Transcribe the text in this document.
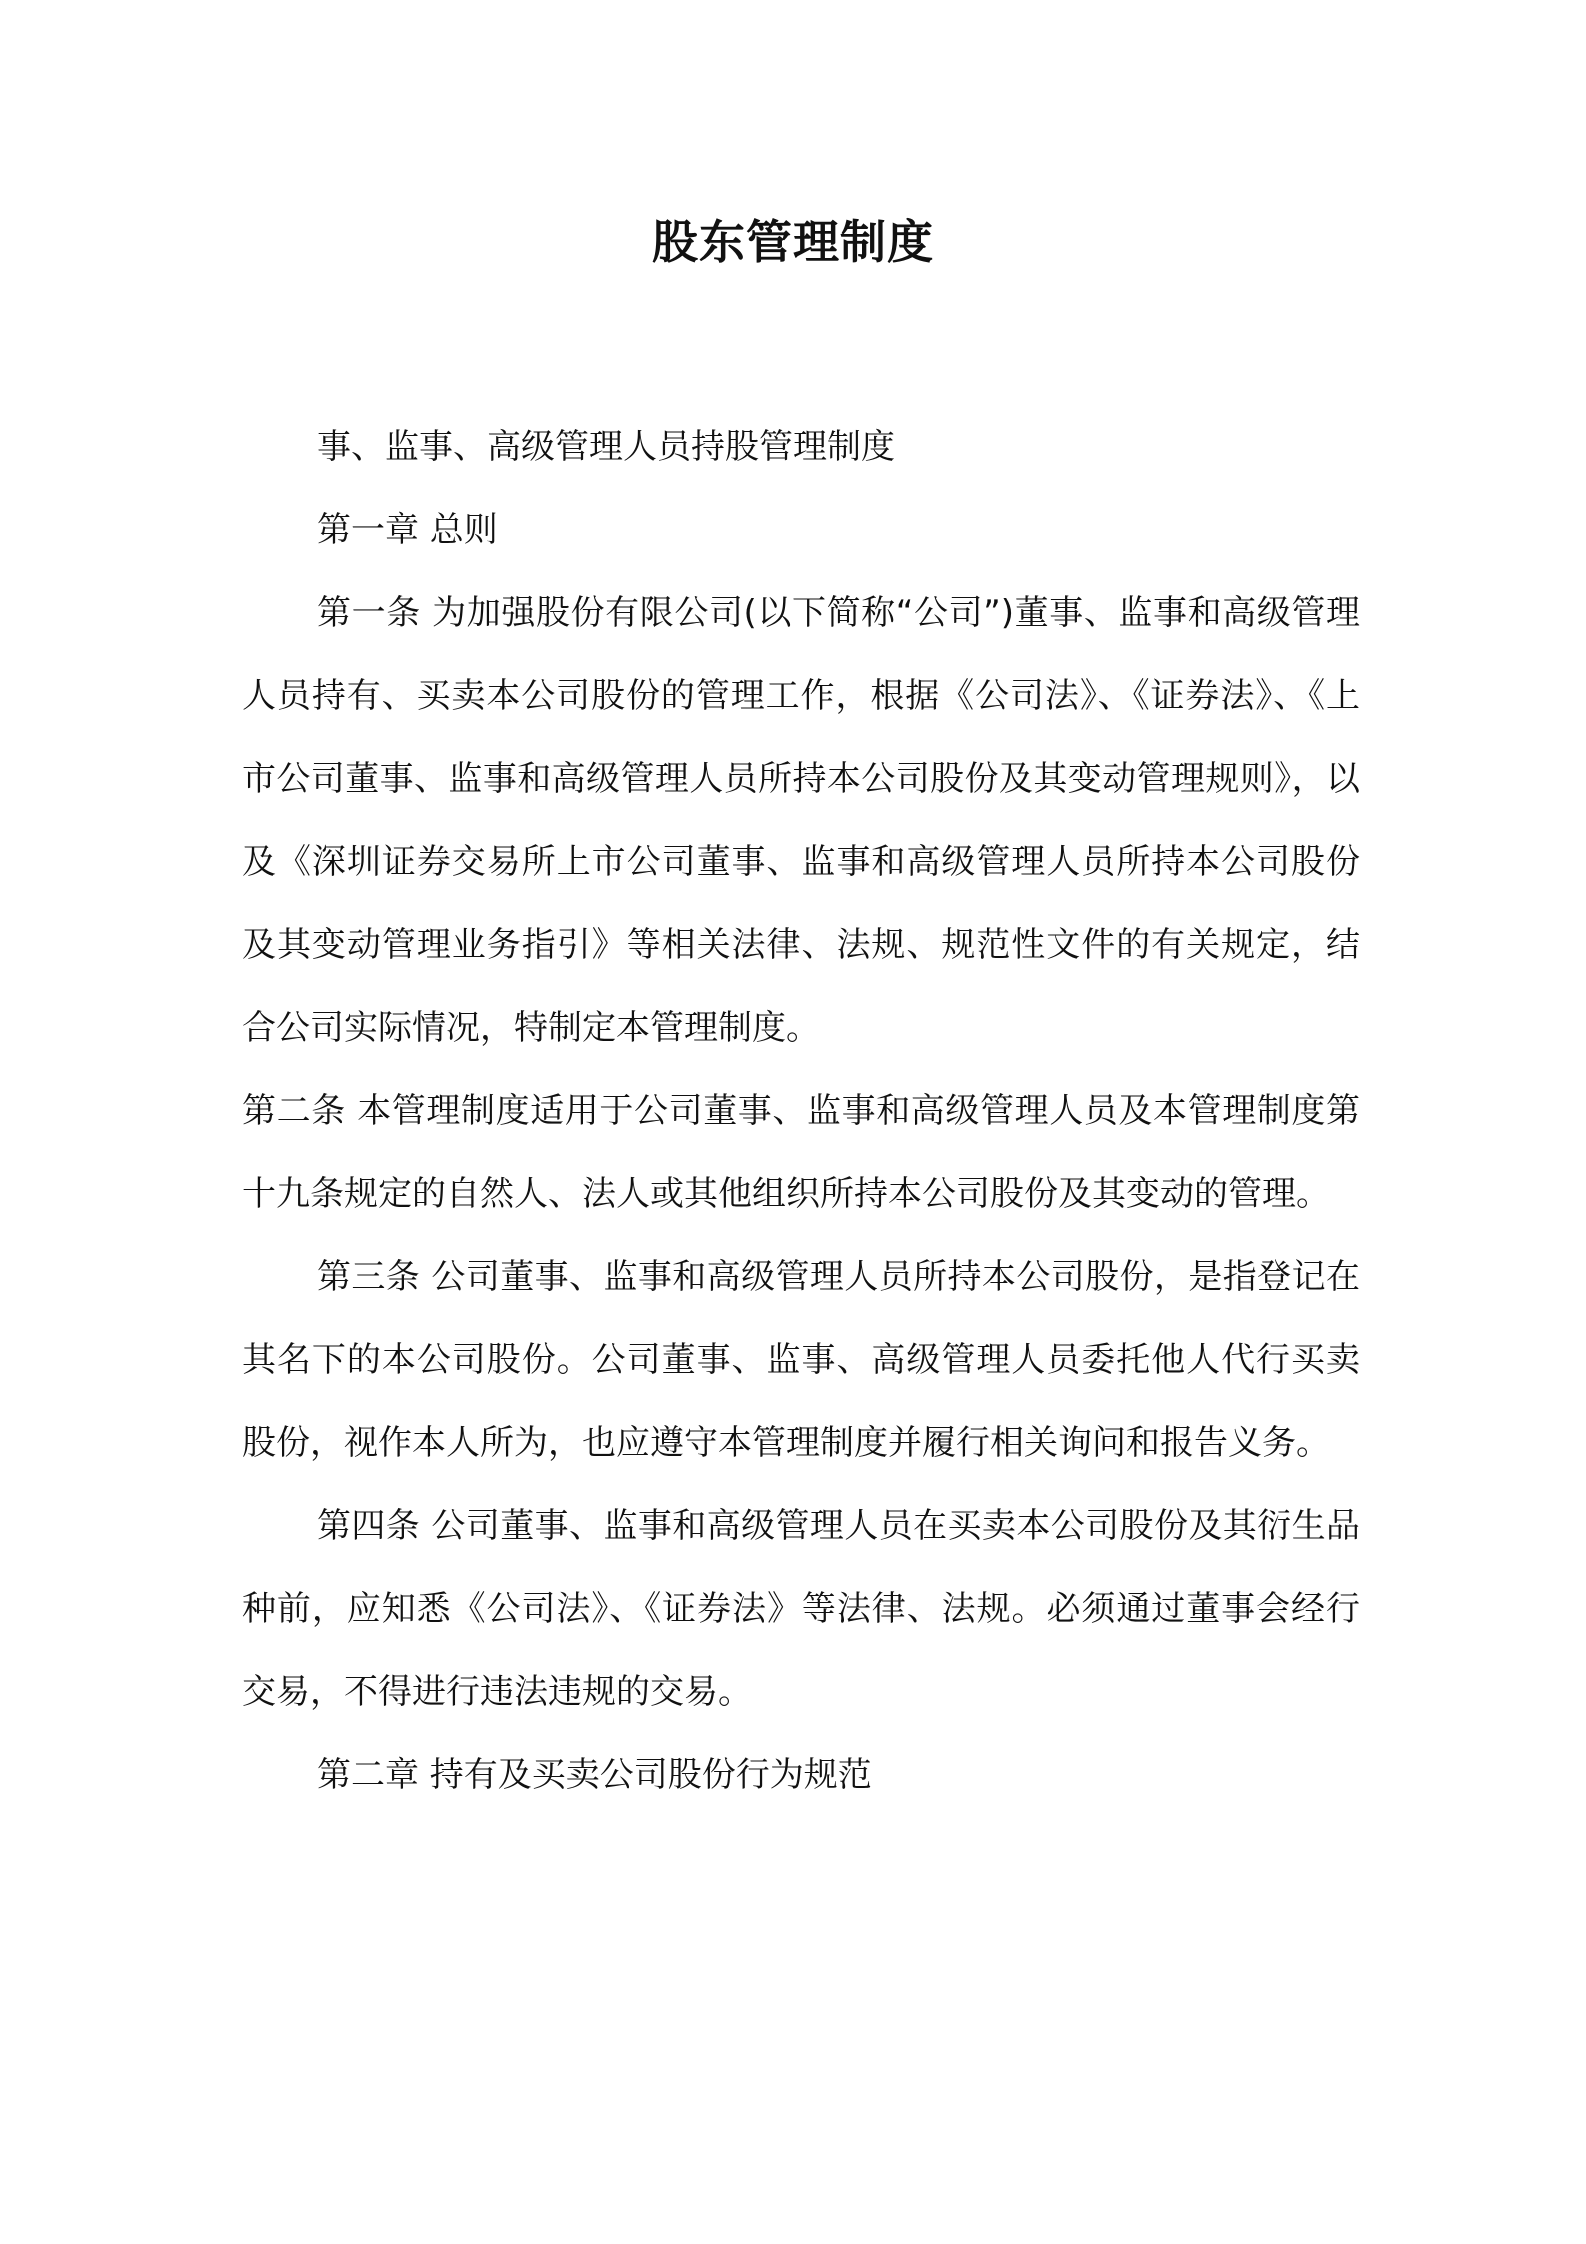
股东管理制度

事、监事、高级管理人员持股管理制度

第一章 总则

第一条 为加强股份有限公司(以下简称“公司”)董事、监事和高级管理人员持有、买卖本公司股份的管理工作，根据《公司法》、《证券法》、《上市公司董事、监事和高级管理人员所持本公司股份及其变动管理规则》，以及《深圳证券交易所上市公司董事、监事和高级管理人员所持本公司股份及其变动管理业务指引》等相关法律、法规、规范性文件的有关规定，结合公司实际情况，特制定本管理制度。

第二条 本管理制度适用于公司董事、监事和高级管理人员及本管理制度第十九条规定的自然人、法人或其他组织所持本公司股份及其变动的管理。

第三条 公司董事、监事和高级管理人员所持本公司股份，是指登记在其名下的本公司股份。公司董事、监事、高级管理人员委托他人代行买卖股份，视作本人所为，也应遵守本管理制度并履行相关询问和报告义务。

第四条 公司董事、监事和高级管理人员在买卖本公司股份及其衍生品种前，应知悉《公司法》、《证券法》等法律、法规。必须通过董事会经行交易，不得进行违法违规的交易。

第二章 持有及买卖公司股份行为规范
